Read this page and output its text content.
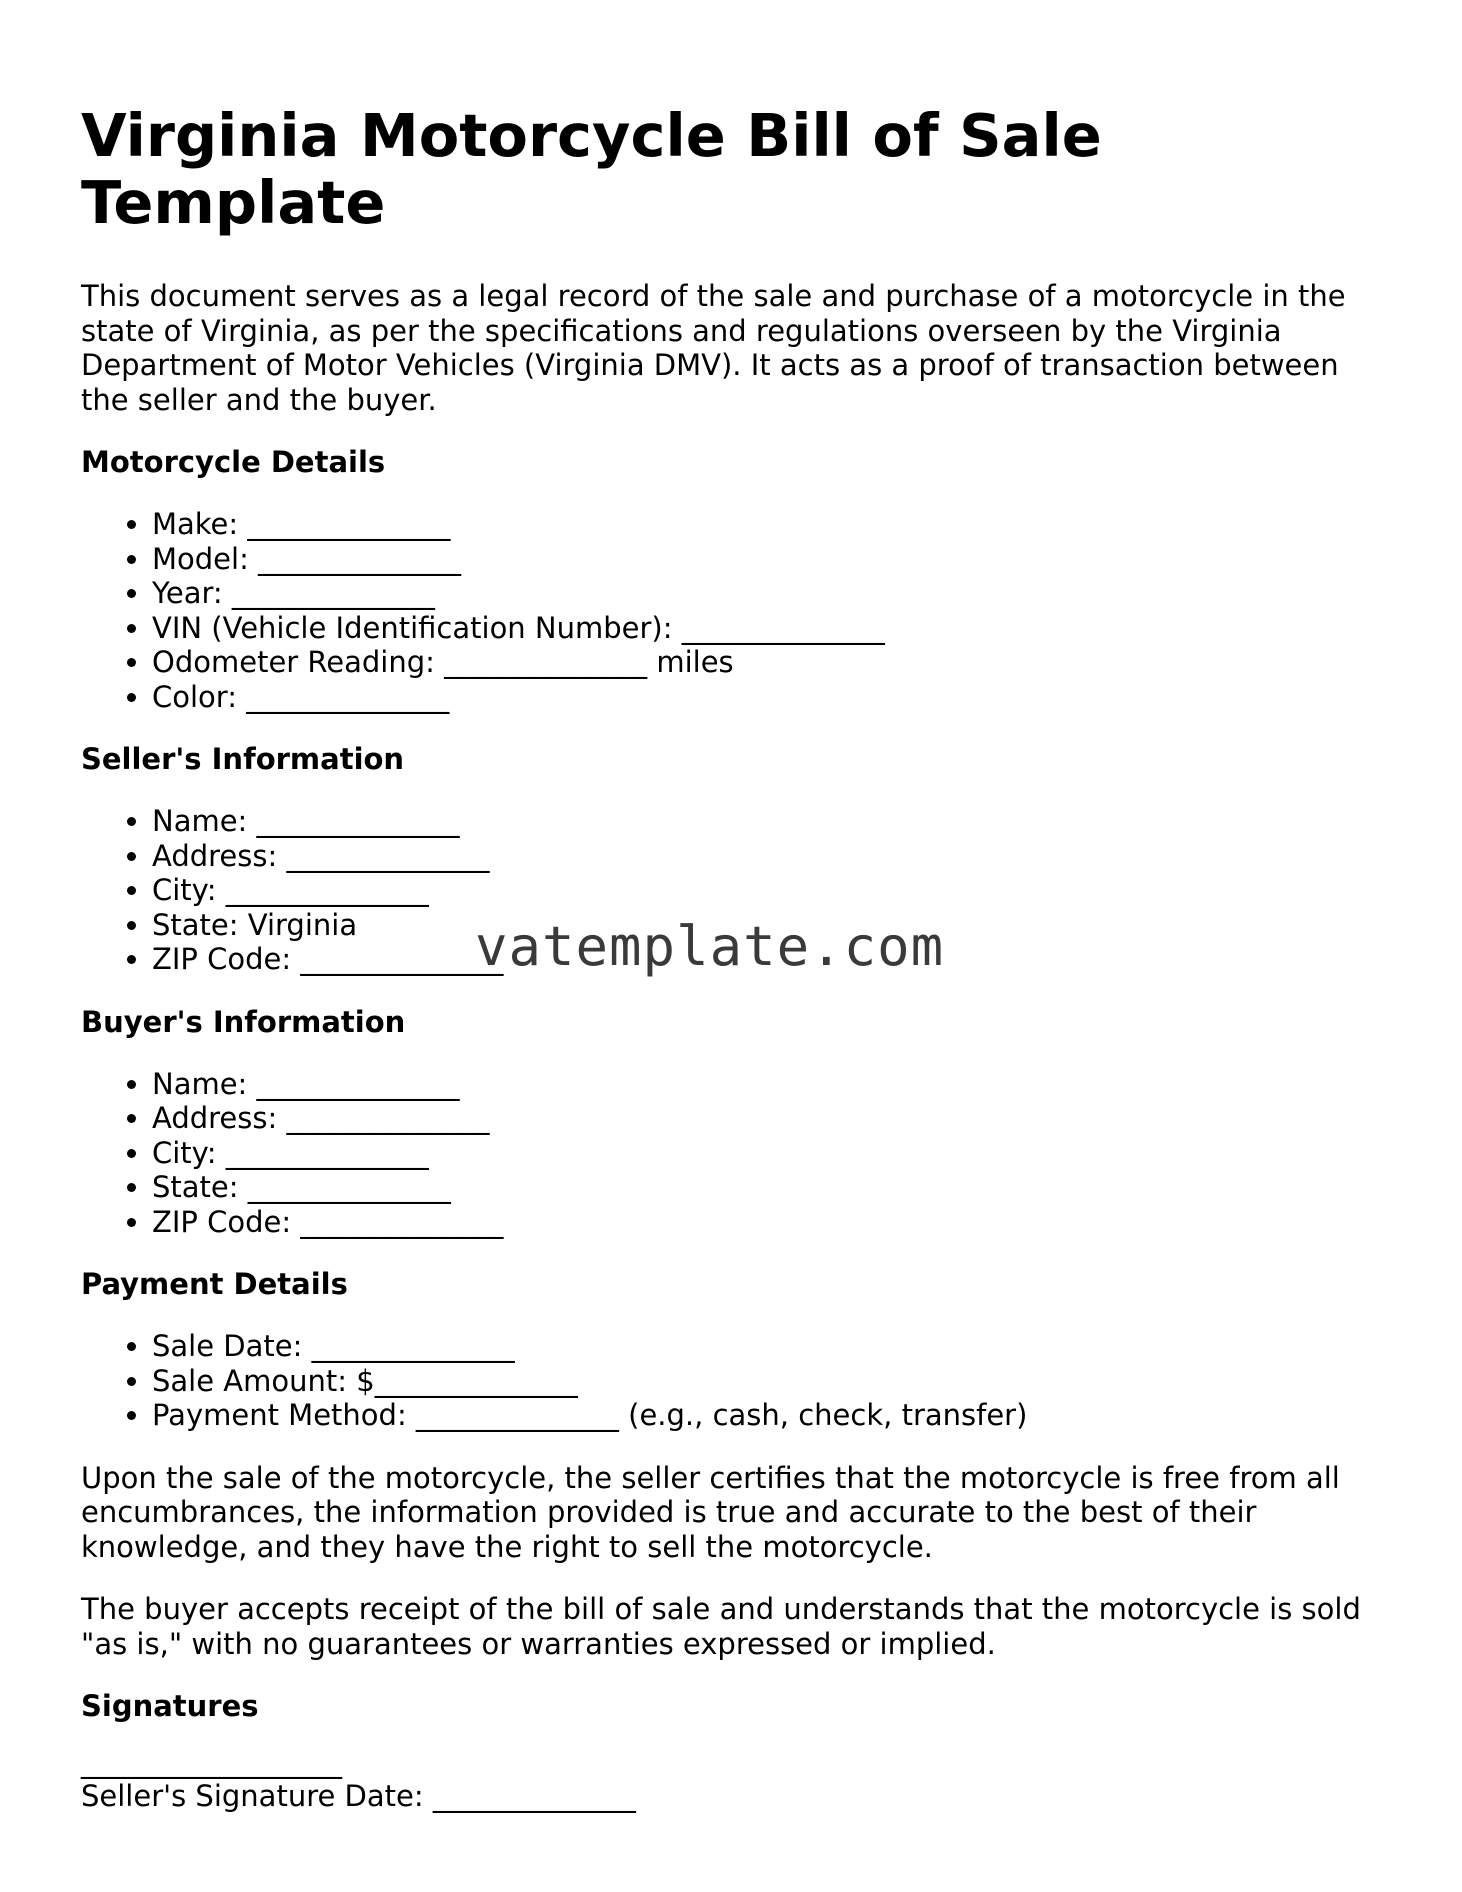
Virginia Motorcycle Bill of Sale Template

This document serves as a legal record of the sale and purchase of a motorcycle in the state of Virginia, as per the specifications and regulations overseen by the Virginia Department of Motor Vehicles (Virginia DMV). It acts as a proof of transaction between the seller and the buyer.

Motorcycle Details
• Make: ______________
• Model: ______________
• Year: ______________
• VIN (Vehicle Identification Number): ______________
• Odometer Reading: ______________ miles
• Color: ______________
Seller's Information
• Name: ______________
• Address: ______________
• City: ______________
• State: Virginia
• ZIP Code: ______________
Buyer's Information
• Name: ______________
• Address: ______________
• City: ______________
• State: ______________
• ZIP Code: ______________
Payment Details
• Sale Date: ______________
• Sale Amount: $______________
• Payment Method: ______________ (e.g., cash, check, transfer)

Upon the sale of the motorcycle, the seller certifies that the motorcycle is free from all encumbrances, the information provided is true and accurate to the best of their knowledge, and they have the right to sell the motorcycle.

The buyer accepts receipt of the bill of sale and understands that the motorcycle is sold "as is," with no guarantees or warranties expressed or implied.

Signatures
__________________
Seller's Signature Date: ______________
vatemplate.com
